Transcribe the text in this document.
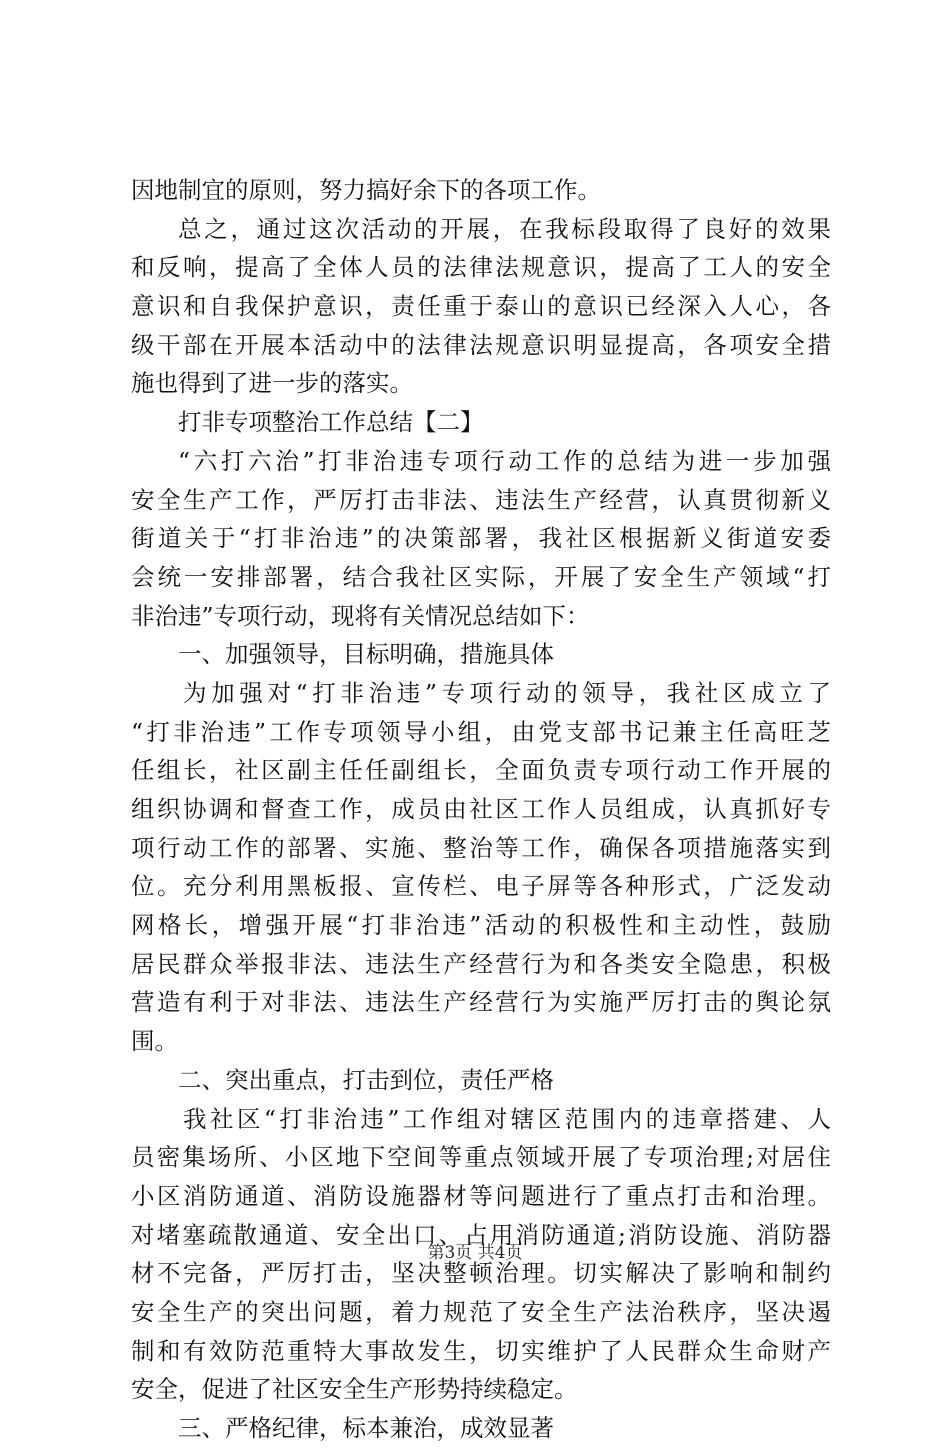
因地制宜的原则，努力搞好余下的各项工作。
总之，通过这次活动的开展，在我标段取得了良好的效果
和反响，提高了全体人员的法律法规意识，提高了工人的安全
意识和自我保护意识，责任重于泰山的意识已经深入人心，各
级干部在开展本活动中的法律法规意识明显提高，各项安全措
施也得到了进一步的落实。
打非专项整治工作总结【二】
“六打六治”打非治违专项行动工作的总结为进一步加强
安全生产工作，严厉打击非法、违法生产经营，认真贯彻新义
街道关于“打非治违”的决策部署，我社区根据新义街道安委
会统一安排部署，结合我社区实际，开展了安全生产领域“打
非治违”专项行动，现将有关情况总结如下：
一、加强领导，目标明确，措施具体
为加强对“打非治违”专项行动的领导，我社区成立了
“打非治违”工作专项领导小组，由党支部书记兼主任高旺芝
任组长，社区副主任任副组长，全面负责专项行动工作开展的
组织协调和督查工作，成员由社区工作人员组成，认真抓好专
项行动工作的部署、实施、整治等工作，确保各项措施落实到
位。充分利用黑板报、宣传栏、电子屏等各种形式，广泛发动
网格长，增强开展“打非治违”活动的积极性和主动性，鼓励
居民群众举报非法、违法生产经营行为和各类安全隐患，积极
营造有利于对非法、违法生产经营行为实施严厉打击的舆论氛
围。
二、突出重点，打击到位，责任严格
我社区“打非治违”工作组对辖区范围内的违章搭建、人
员密集场所、小区地下空间等重点领域开展了专项治理;对居住
小区消防通道、消防设施器材等问题进行了重点打击和治理。
对堵塞疏散通道、安全出口、占用消防通道;消防设施、消防器
材不完备，严厉打击，坚决整顿治理。切实解决了影响和制约
安全生产的突出问题，着力规范了安全生产法治秩序，坚决遏
制和有效防范重特大事故发生，切实维护了人民群众生命财产
安全，促进了社区安全生产形势持续稳定。
三、严格纪律，标本兼治，成效显著
第3页 共4页
